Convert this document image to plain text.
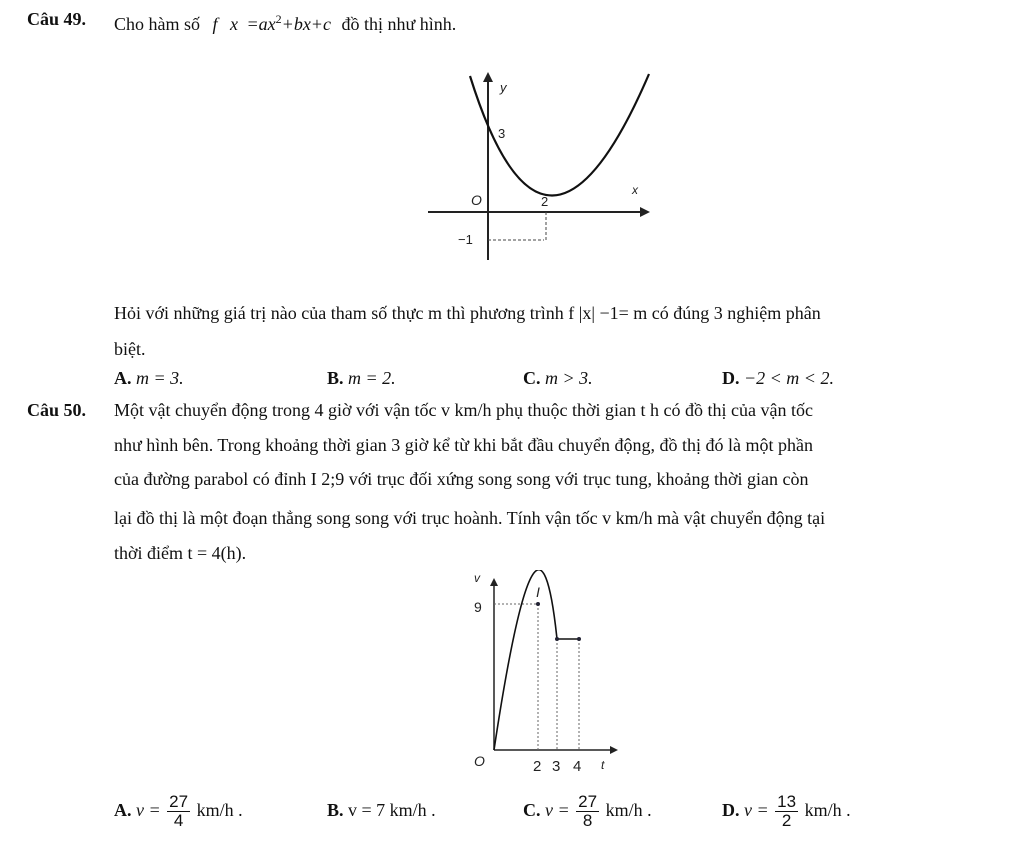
Câu 49. Cho hàm số f $x =ax^2+bx+c$ đồ thị như hình.
y
3
O	2
x
−1
Hỏi với những giá trị nào của tham số thực m thì phương trình f |x| −1= m có đúng 3 nghiệm phân
biệt.
A. m = 3.	B. m = 2.	C. m > 3.	D. −2 < m < 2.
Câu 50. Một vật chuyển động trong 4 giờ với vận tốc v km/h phụ thuộc thời gian t h có đồ thị của vận tốc
như hình bên. Trong khoảng thời gian 3 giờ kể từ khi bắt đầu chuyển động, đồ thị đó là một phần
của đường parabol có đỉnh I 2;9 với trục đối xứng song song với trục tung, khoảng thời gian còn
lại đồ thị là một đoạn thẳng song song với trục hoành. Tính vận tốc v km/h mà vật chuyển động tại
thời điểm t = 4(h).
v
I
9
O	2 3 4 t
A. $v = \frac{27}{4} km/h$ .	B. v = 7 km/h .	C. $v = \frac{27}{8} km/h$ .	D. $v = \frac{13}{2} km/h$ .
